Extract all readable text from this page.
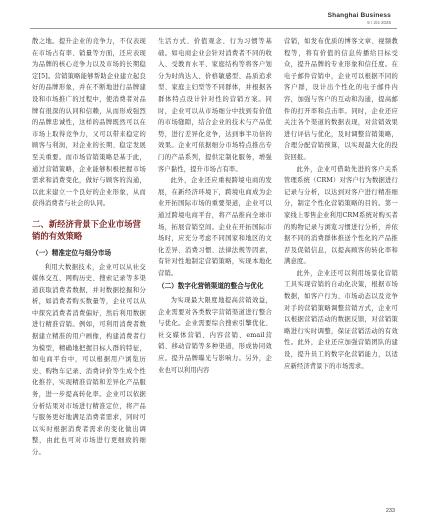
Shanghai Business
5 / 2/4 2025

散之地。提升企业的竞争力，不仅表现在市场占有率、销量等方面，还应表现为品牌的核心竞争力以及市场的长期稳定[5]。营销策略能够帮助企业建立起良好的品牌形象，并在不断地进行品牌建设和市场推广的过程中，使消费者对品牌有很深的认同和信赖，从而形成强烈的品牌忠诚性，这样的品牌既然可以在市场上取得竞争力，又可以带来稳定的顾客与利润，对企业的长期、稳定发展至关重要。而市场营销策略是基于此，通过营销策略，企业能够积极把握市场需求和消费变化，做好与顾客的沟通，以此来建立一个良好的企业形象，从而获得消费者与社会的认同。

二、新经济背景下企业市场营销的有效策略
（一）精准定位与细分市场

利用大数据技术，企业可以从社交媒体交互、网购历史、搜索记录等多渠道获取消费者数据，并对数据挖掘和分析，如消费者购买数量等，企业可以从中探究消费者消费偏好，然后利用数据进行精准营销。例如，可利用消费者数据建立精准的用户画像，构建消费者行为模型，精确地把握目标人群的特征，如电商平台中，可以根据用户浏览历史、购物车记录、消费评价等生成个性化推荐，实现精准营销和差异化产品服务，进一步提高转化率。企业可以依据分析结果对市场进行精准定位，将产品与服务更好地满足消费者需求，同时可以实时根据消费者需求的变化做出调整，由此也可对市场进行更细致的细分。

生活方式、价值观念、行为习惯等基础。如电商企业会针对消费者不同的收入、受教育水平、家庭结构等将客户划分为时尚达人、价格敏感型、品质追求型、家庭主妇型等不同群体，并根据各群体特点设计针对性的营销方案。同时，企业可以从市场细分中找到有价值的市场缝隙，结合企业的技术与产品优势，进行差异化竞争，达到事半功倍的效果。企业可依据细分市场特点推出专门的产品系列，提供定制化服务，增强客户黏性，提升市场占有率。

此外，企业还应重视跨境电商的发展，在新经济环境下，跨境电商成为企业开拓国际市场的重要渠道，企业可以通过跨境电商平台，将产品推向全球市场，拓展营销空间。企业在开拓国际市场时，应充分考虑不同国家和地区的文化差异、消费习惯、法律法规等因素，有针对性地制定营销策略，实现本地化营销。

（二）数字化营销渠道的整合与优化

为实现最大限度地提高营销效益，企业需要对各类数字营销渠道进行整合与优化。企业需要综合搜索引擎优化、社交媒体营销、内容营销、email营销、移动营销等多种渠道，形成协同效应。提升品牌曝光与影响力。另外，企业也可以利用内容

营销，如发布优质的博客文章、视频教程等，将有价值的信息传播给目标受众，提升品牌的专业形象和信任度。在电子邮件营销中，企业可以根据不同的客户群，设计出个性化的电子邮件内容，加强与客户的互动和沟通，提高邮件的打开率和点击率。同时，企业还应关注各个渠道的数据表现，对营销效果进行评估与优化，及时调整营销策略，合理分配营销预算，以实现最大化的投资回报。

此外，企业可借助先进的客户关系管理系统（CRM）对客户行为数据进行记录与分析，以达到对客户进行精准细分，制定个性化营销策略的目的。第一家线上零售企业利用CRM系统对购买者的购物记录与浏览习惯进行分析，并依据不同的消费群体推送个性化的产品推荐及促销信息，以提高顾客的转化率和满意度。

此外，企业还可以利用场景化营销工具实现营销的自动化决策，根据市场数据，如客户行为、市场动态以及竞争对手的营销策略调整营销方式，企业可以根据营销活动的数据反馈，对营销策略进行实时调整，保证营销活动的有效性。此外，企业还应加强营销团队的建设，提升员工的数字化营销能力，以适应新经济背景下的市场需求。

233
